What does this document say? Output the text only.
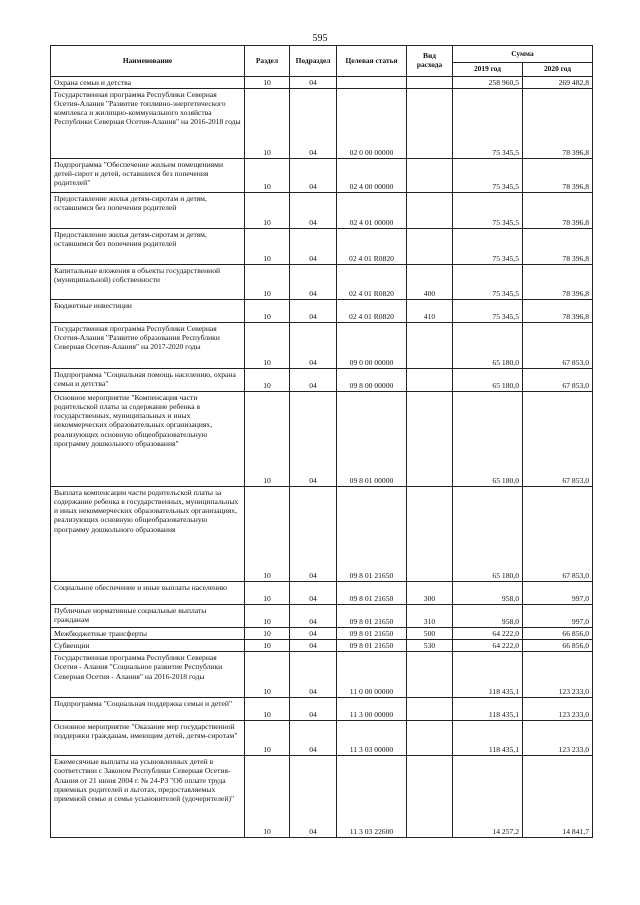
595
Наименование	Раздел	Подраздел	Целевая статья	Вид расхода	Сумма	
					2019 год	2020 год
Охрана семьи и детства	10	04			258 960,5	269 482,8
Государственная программа Республики Северная Осетия-Алания "Развитие топливно-энергетического комплекса и жилищно-коммунального хозяйства Республики Северная Осетия-Алания" на 2016-2018 годы	10	04	02 0 00 00000		75 345,5	78 396,8
Подпрограмма "Обеспечение жильем помещениями детей-сирот и детей, оставшихся без попечения родителей"	10	04	02 4 00 00000		75 345,5	78 396,8
Предоставление жилья детям-сиротам и детям, оставшимся без попечения родителей	10	04	02 4 01 00000		75 345,5	78 396,8
Предоставление жилья детям-сиротам и детям, оставшимся без попечения родителей	10	04	02 4 01 R0820		75 345,5	78 396,8
Капитальные вложения в объекты государственной (муниципальной) собственности	10	04	02 4 01 R0820	400	75 345,5	78 396,8
Бюджетные инвестиции	10	04	02 4 01 R0820	410	75 345,5	78 396,8
Государственная программа Республики Северная Осетия-Алания "Развитие образования Республики Северная Осетия-Алания" на 2017-2020 годы	10	04	09 0 00 00000		65 180,0	67 853,0
Подпрограмма "Социальная помощь населению, охрана семьи и детства"	10	04	09 8 00 00000		65 180,0	67 853,0
Основное мероприятие "Компенсация части родительской платы за содержание ребенка в государственных, муниципальных и иных некоммерческих образовательных организациях, реализующих основную общеобразовательную программу дошкольного образования"	10	04	09 8 01 00000		65 180,0	67 853,0
Выплата компенсации части родительской платы за содержание ребенка в государственных, муниципальных и иных некоммерческих образовательных организациях, реализующих основную общеобразовательную программу дошкольного образования	10	04	09 8 01 21650		65 180,0	67 853,0
Социальное обеспечение и иные выплаты населению	10	04	09 8 01 21650	300	958,0	997,0
Публичные нормативные социальные выплаты гражданам	10	04	09 8 01 21650	310	958,0	997,0
Межбюджетные трансферты	10	04	09 8 01 21650	500	64 222,0	66 856,0
Субвенции	10	04	09 8 01 21650	530	64 222,0	66 856,0
Государственная программа Республики Северная Осетия - Алания "Социальное развитие Республики Северная Осетия - Алания" на 2016-2018 годы	10	04	11 0 00 00000		118 435,1	123 233,0
Подпрограмма "Социальная поддержка семьи и детей"	10	04	11 3 00 00000		118 435,1	123 233,0
Основное мероприятие "Оказание мер государственной поддержки гражданам, имеющим детей, детям-сиротам"	10	04	11 3 03 00000		118 435,1	123 233,0
Ежемесячные выплаты на усыновленных детей в соответствии с Законом Республики Северная Осетия-Алания от 21 июня 2004 г. № 24-РЗ "Об оплате труда приемных родителей и льготах, предоставляемых приемной семье и семье усыновителей (удочерителей)"	10	04	11 3 03 22600		14 257,2	14 841,7
